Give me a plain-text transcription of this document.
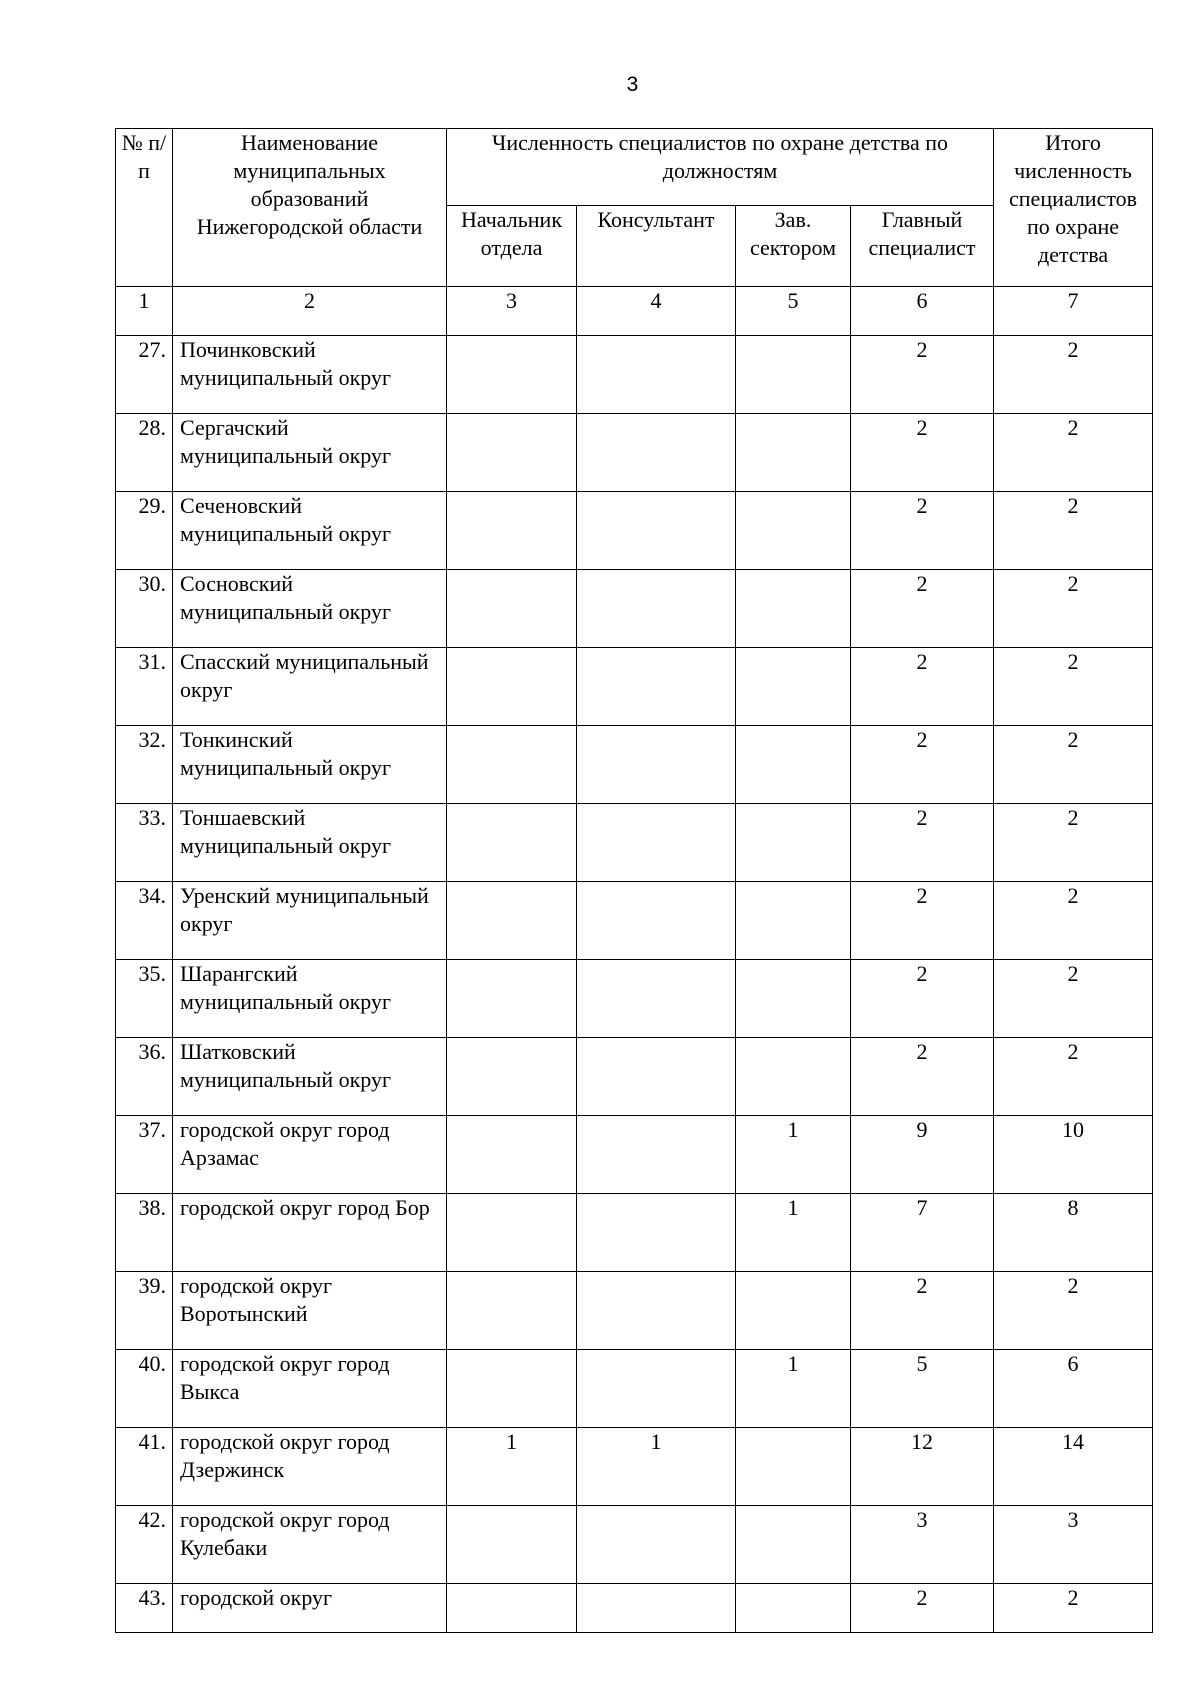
3
№ п/п	Наименование муниципальных образований Нижегородской области	Численность специалистов по охране детства по должностям				Итого численность специалистов по охране детства
		Начальник отдела	Консультант	Зав. сектором	Главный специалист	
1	2	3	4	5	6	7
27.	Починковский муниципальный округ				2	2
28.	Сергачский муниципальный округ				2	2
29.	Сеченовский муниципальный округ				2	2
30.	Сосновский муниципальный округ				2	2
31.	Спасский муниципальный округ				2	2
32.	Тонкинский муниципальный округ				2	2
33.	Тоншаевский муниципальный округ				2	2
34.	Уренский муниципальный округ				2	2
35.	Шарангский муниципальный округ				2	2
36.	Шатковский муниципальный округ				2	2
37.	городской округ город Арзамас			1	9	10
38.	городской округ город Бор			1	7	8
39.	городской округ Воротынский				2	2
40.	городской округ город Выкса			1	5	6
41.	городской округ город Дзержинск	1	1		12	14
42.	городской округ город Кулебаки				3	3
43.	городской округ				2	2
